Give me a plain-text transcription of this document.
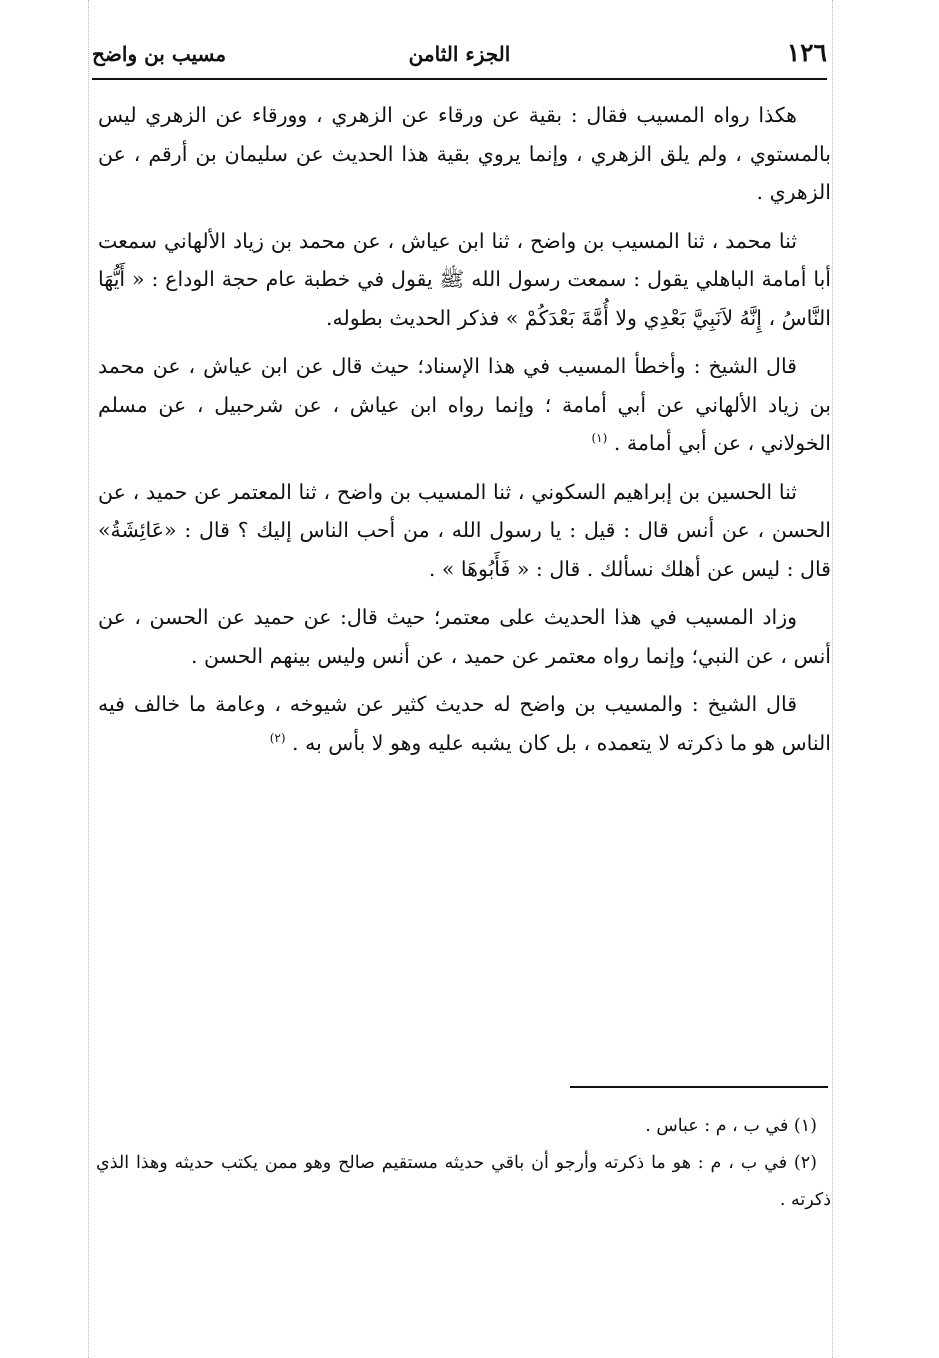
١٢٦
الجزء الثامن
مسيب بن واضح

هكذا رواه المسيب فقال : بقية عن ورقاء عن الزهري ، وورقاء عن الزهري ليس بالمستوي ، ولم يلق الزهري ، وإنما يروي بقية هذا الحديث عن سليمان بن أرقم ، عن الزهري .

ثنا محمد ، ثنا المسيب بن واضح ، ثنا ابن عياش ، عن محمد بن زياد الألهاني سمعت أبا أمامة الباهلي يقول : سمعت رسول الله ﷺ يقول في خطبة عام حجة الوداع : « أَيُّهَا النَّاسُ ، إِنَّهُ لاَنَبِيَّ بَعْدِي ولا أُمَّةَ بَعْدَكُمْ » فذكر الحديث بطوله.

قال الشيخ : وأخطأ المسيب في هذا الإسناد؛ حيث قال عن ابن عياش ، عن محمد بن زياد الألهاني عن أبي أمامة ؛ وإنما رواه ابن عياش ، عن شرحبيل ، عن مسلم الخولاني ، عن أبي أمامة . $^{(١)}$

ثنا الحسين بن إبراهيم السكوني ، ثنا المسيب بن واضح ، ثنا المعتمر عن حميد ، عن الحسن ، عن أنس قال : قيل : يا رسول الله ، من أحب الناس إليك ؟ قال : «عَائِشَةُ» قال : ليس عن أهلك نسألك . قال : « فَأَبُوهَا » .

وزاد المسيب في هذا الحديث على معتمر؛ حيث قال: عن حميد عن الحسن ، عن أنس ، عن النبي؛ وإنما رواه معتمر عن حميد ، عن أنس وليس بينهم الحسن .

قال الشيخ : والمسيب بن واضح له حديث كثير عن شيوخه ، وعامة ما خالف فيه الناس هو ما ذكرته لا يتعمده ، بل كان يشبه عليه وهو لا بأس به . $^{(٢)}$

(١) في ب ، م : عباس .

(٢) في ب ، م : هو ما ذكرته وأرجو أن باقي حديثه مستقيم صالح وهو ممن يكتب حديثه وهذا الذي ذكرته .
